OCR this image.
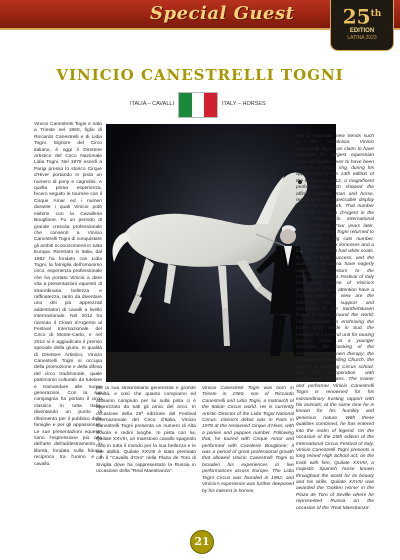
Special Guest	25th
EDITION
LATINA 2023
VINICIO CANESTRELLI TOGNI
ITALIA – CAVALLI	ITALY – HORSES

Vinicio Canestrelli Togni è nato a Trieste nel 1960, figlio di Riccardo Canestrelli e di Lidia Togni. Signore del Circo italiano, è oggi il Direttore Artistico del Circo Nazionale Lidia Togni. Nel 1978 esordì a Parigi presso lo storico Cirque d'Hiver portando in pista un numero di pony e cagnolini. A quella prima esperienza, fecero seguito le tournée con il Cirque Amar ed i numeri durante i quali Vinicio potè esibirsi con la Cavalleria Bouglione. Fu un periodo di grande crescita professionale che consentì a Vinicio Canestrelli Togni di conquistare gli ambiti riconoscimenti in tutta Europa. Rientrato in Italia, dal 1982 ha fondato con Lidia Togni, la famiglia dell'omonimo circo, esperienza professionale che ha portato Vinicio a dare vita a presentazioni equestri di straordinaria bellezza e raffinatezza, tanto da diventare uno dei più apprezzati addestratori di cavalli a livello internazionale. Nel 2012 ha ricevuto il Clown d'Argento al Festival Internazionale del Circo di Monte-Carlo, e nel 2014 si è aggiudicato il premio speciale della giuria. In qualità di Direttore Artistico, Vinicio Canestrelli Togni si occupa della promozione e della difesa del circo tradizionale, quale patrimonio culturale da tutelare e tramandare alle nuove generazioni. Con la sua compagnia ha portato il circo classico in tutta Italia, diventando un punto di riferimento per il pubblico delle famiglie e per gli appassionati. Le sue presentazioni equestri sono l'espressione più alta dell'arte dell'addestramento in libertà, fondata sulla fiducia reciproca tra l'uomo e il cavallo.

per la sua straordinaria generosità e grande umiltà, e così che quanto compiamo ed abbiamo compiuto per lui sulla pista ci è apprezzato da tutti gli amici del circo. In occasione della 25ª edizione del Festival Internazionale del Circo d'Italia, Vinicio Canestrelli Togni presenta un numero di Alta Scuola e redini lunghe. In pista con lui, Quilate XXVIII, un maestoso cavallo spagnolo noto in tutta il mondo per la sua bellezza e le sue abilità. Quilate XXVIII è stato premiato con il "Cavallo d'Oro" nella Plaza de Toro di Siviglia dove ha rappresentato la Russia in occasione della "Real Maestranza".

Vinicio Canestrelli Togni was born in Trieste in 1960, son of Riccardo Canestrelli and Lidia Togni, a matriarch of the Italian Circus world. He is currently Artistic Director of the Lidia Togni National Circus. Vinicio's début was in Paris in 1978 at the renowned Cirque d'Hiver, with a ponies and puppies number. Following that, he toured with Cirque Amar and performed with Cavalerie Bouglione; it was a period of great professional growth that allowed Vinicio Canestrelli Togni to broaden his experiences in live performances across Europe. The Lidia Togni Circus was founded in 1982, and Vinicio's experience was further deepened by his interest in horses.

and in particular new trends such as the Surlaloisia. Vinicio Canestrelli Togni can claim to have mounted the largest equestrian carousel number ever to have been seen in a Circus ring, during his appearance at the 14th edition of the Festival in 2012, a magnificent performance which showed the affinity between man and horse, resulting in an impeccable display of perfect teamwork. That number won him a Clown d'Argent in the 2014 Monte-Carlo International Circus Festival. Four years later, Vinicio Canestrelli Togni returned to Latina with a big cats number, performing with six lionesses and a lion, three of which had white coats. It was a huge success, and the audiences of Latina have eagerly awaited his return to the International Circus Festival of Italy ever since. Some of Vinicio's projects that merit attention have a cultural point of view are the following: his support and promotion of the Santhehäusen breed of horse around the world; his contribution to enshrining the horse show Made in Sud, the creation of a second unit for touring Europe, aimed at a younger audience; the backing of the development of clown therapy; the creation of a travelling Church, the idea of a travelling Circus school, and his cooperation with educational institutes. The trainer and performer Vinicio Canestrelli Togni is renowned for his extraordinary trusting rapport with his animals; at the same time he is known for his humility and generous nature. With these qualities combined, he has entered into the realm of legend. On the occasion of the 25th edition of the International Circus Festival of Italy, Vinicio Canestrelli Togni presents a long reined High School act; on the track with him, Quilate XXVIII, a majestic Spanish horse known throughout the world for its beauty and his skills. Quilate XXVIII was awarded the 'Golden Horse' in the Plaza de Toro of Seville where he represented Russia on the occasion of the 'Real Maestranza'.

21
